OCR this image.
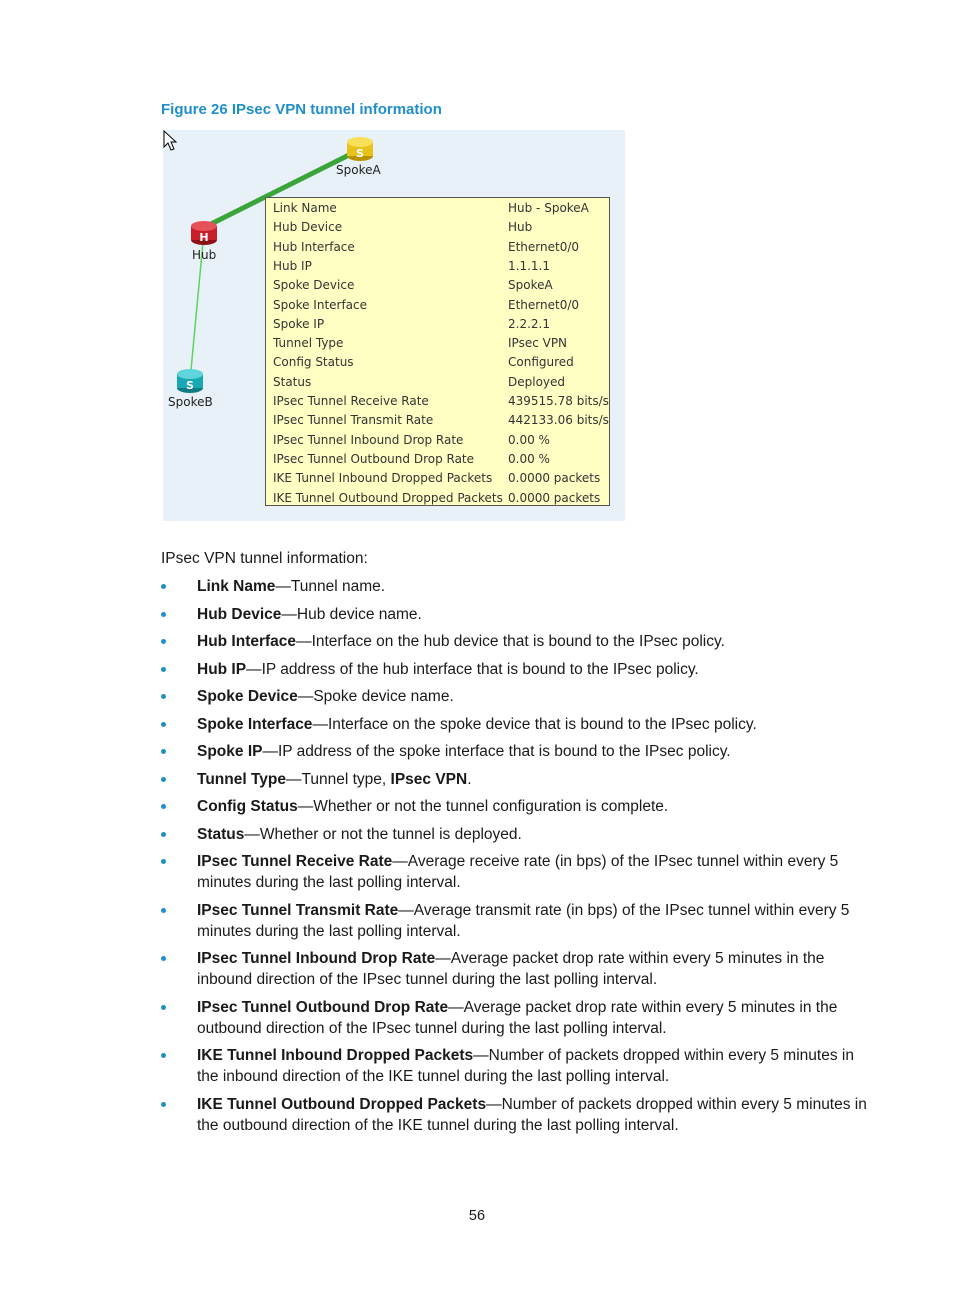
Figure 26 IPsec VPN tunnel information
S
H
S
SpokeA
Hub
SpokeB
Link Name	Hub - SpokeA
Hub Device	Hub
Hub Interface	Ethernet0/0
Hub IP	1.1.1.1
Spoke Device	SpokeA
Spoke Interface	Ethernet0/0
Spoke IP	2.2.2.1
Tunnel Type	IPsec VPN
Config Status	Configured
Status	Deployed
IPsec Tunnel Receive Rate	439515.78 bits/s
IPsec Tunnel Transmit Rate	442133.06 bits/s
IPsec Tunnel Inbound Drop Rate	0.00 %
IPsec Tunnel Outbound Drop Rate	0.00 %
IKE Tunnel Inbound Dropped Packets 0.0000 packets
IKE Tunnel Outbound Dropped Packets 0.0000 packets
IPsec VPN tunnel information:
Link Name—Tunnel name.
Hub Device—Hub device name.
Hub Interface—Interface on the hub device that is bound to the IPsec policy.
Hub IP—IP address of the hub interface that is bound to the IPsec policy.
Spoke Device—Spoke device name.
Spoke Interface—Interface on the spoke device that is bound to the IPsec policy.
Spoke IP—IP address of the spoke interface that is bound to the IPsec policy.
Tunnel Type—Tunnel type, IPsec VPN.
Config Status—Whether or not the tunnel configuration is complete.
Status—Whether or not the tunnel is deployed.
IPsec Tunnel Receive Rate—Average receive rate (in bps) of the IPsec tunnel within every 5 minutes during the last polling interval.
IPsec Tunnel Transmit Rate—Average transmit rate (in bps) of the IPsec tunnel within every 5 minutes during the last polling interval.
IPsec Tunnel Inbound Drop Rate—Average packet drop rate within every 5 minutes in the inbound direction of the IPsec tunnel during the last polling interval.
IPsec Tunnel Outbound Drop Rate—Average packet drop rate within every 5 minutes in the outbound direction of the IPsec tunnel during the last polling interval.
IKE Tunnel Inbound Dropped Packets—Number of packets dropped within every 5 minutes in the inbound direction of the IKE tunnel during the last polling interval.
IKE Tunnel Outbound Dropped Packets—Number of packets dropped within every 5 minutes in the outbound direction of the IKE tunnel during the last polling interval.
56
